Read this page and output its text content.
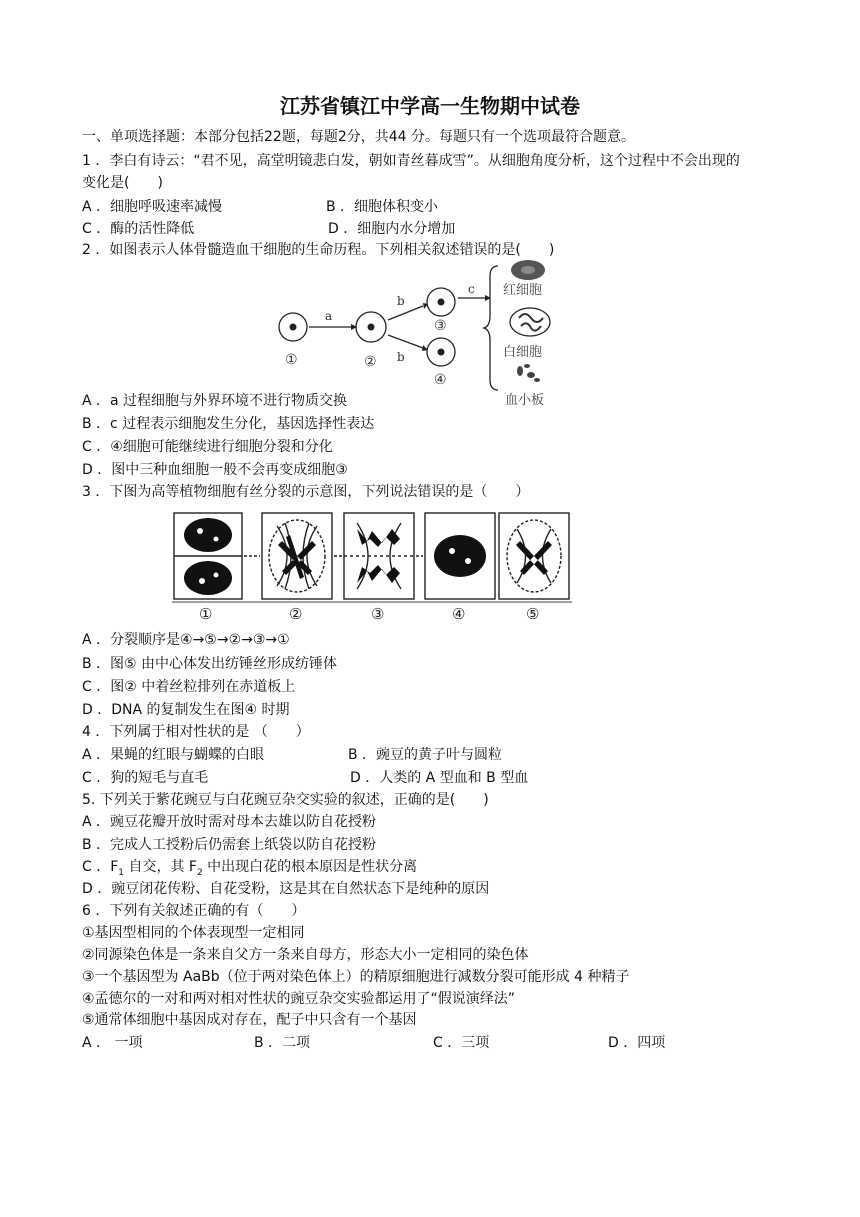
江苏省镇江中学高一生物期中试卷
一、单项选择题：本部分包括22题，每题2分，共44 分。每题只有一个选项最符合题意。
1 ．李白有诗云：“君不见，高堂明镜悲白发，朝如青丝暮成雪”。从细胞角度分析，这个过程中不会出现的
变化是(　　)
A ．细胞呼吸速率减慢	B ．细胞体积变小
C ．酶的活性降低	D ．细胞内水分增加
2 ．如图表示人体骨髓造血干细胞的生命历程。下列相关叙述错误的是(　　)
①	②
③
④
a
b
b
c 红细胞
白细胞
血小板
A ．a 过程细胞与外界环境不进行物质交换
B ．c 过程表示细胞发生分化，基因选择性表达
C ．④细胞可能继续进行细胞分裂和分化
D ．图中三种血细胞一般不会再变成细胞③
3 ．下图为高等植物细胞有丝分裂的示意图，下列说法错误的是（　　）
①	②	③	④	⑤
A ．分裂顺序是④→⑤→②→③→①
B ．图⑤ 由中心体发出纺锤丝形成纺锤体
C ．图② 中着丝粒排列在赤道板上
D ．DNA 的复制发生在图④ 时期
4 ．下列属于相对性状的是 （　　）
A ．果蝇的红眼与蝴蝶的白眼	B ．豌豆的黄子叶与圆粒
C ．狗的短毛与直毛	D ．人类的 A 型血和 B 型血
5. 下列关于紫花豌豆与白花豌豆杂交实验的叙述，正确的是(　　)
A ．豌豆花瓣开放时需对母本去雄以防自花授粉
B ．完成人工授粉后仍需套上纸袋以防自花授粉
C ．$F_1$ 自交，其 $F_2$ 中出现白花的根本原因是性状分离
D ．豌豆闭花传粉、自花受粉，这是其在自然状态下是纯种的原因
6 ．下列有关叙述正确的有（　　）
①基因型相同的个体表现型一定相同
②同源染色体是一条来自父方一条来自母方，形态大小一定相同的染色体
③一个基因型为 AaBb（位于两对染色体上）的精原细胞进行减数分裂可能形成 4 种精子
④孟德尔的一对和两对相对性状的豌豆杂交实验都运用了“假说演绎法”
⑤通常体细胞中基因成对存在，配子中只含有一个基因
A ． 一项	B ．二项	C ．三项	D ．四项
